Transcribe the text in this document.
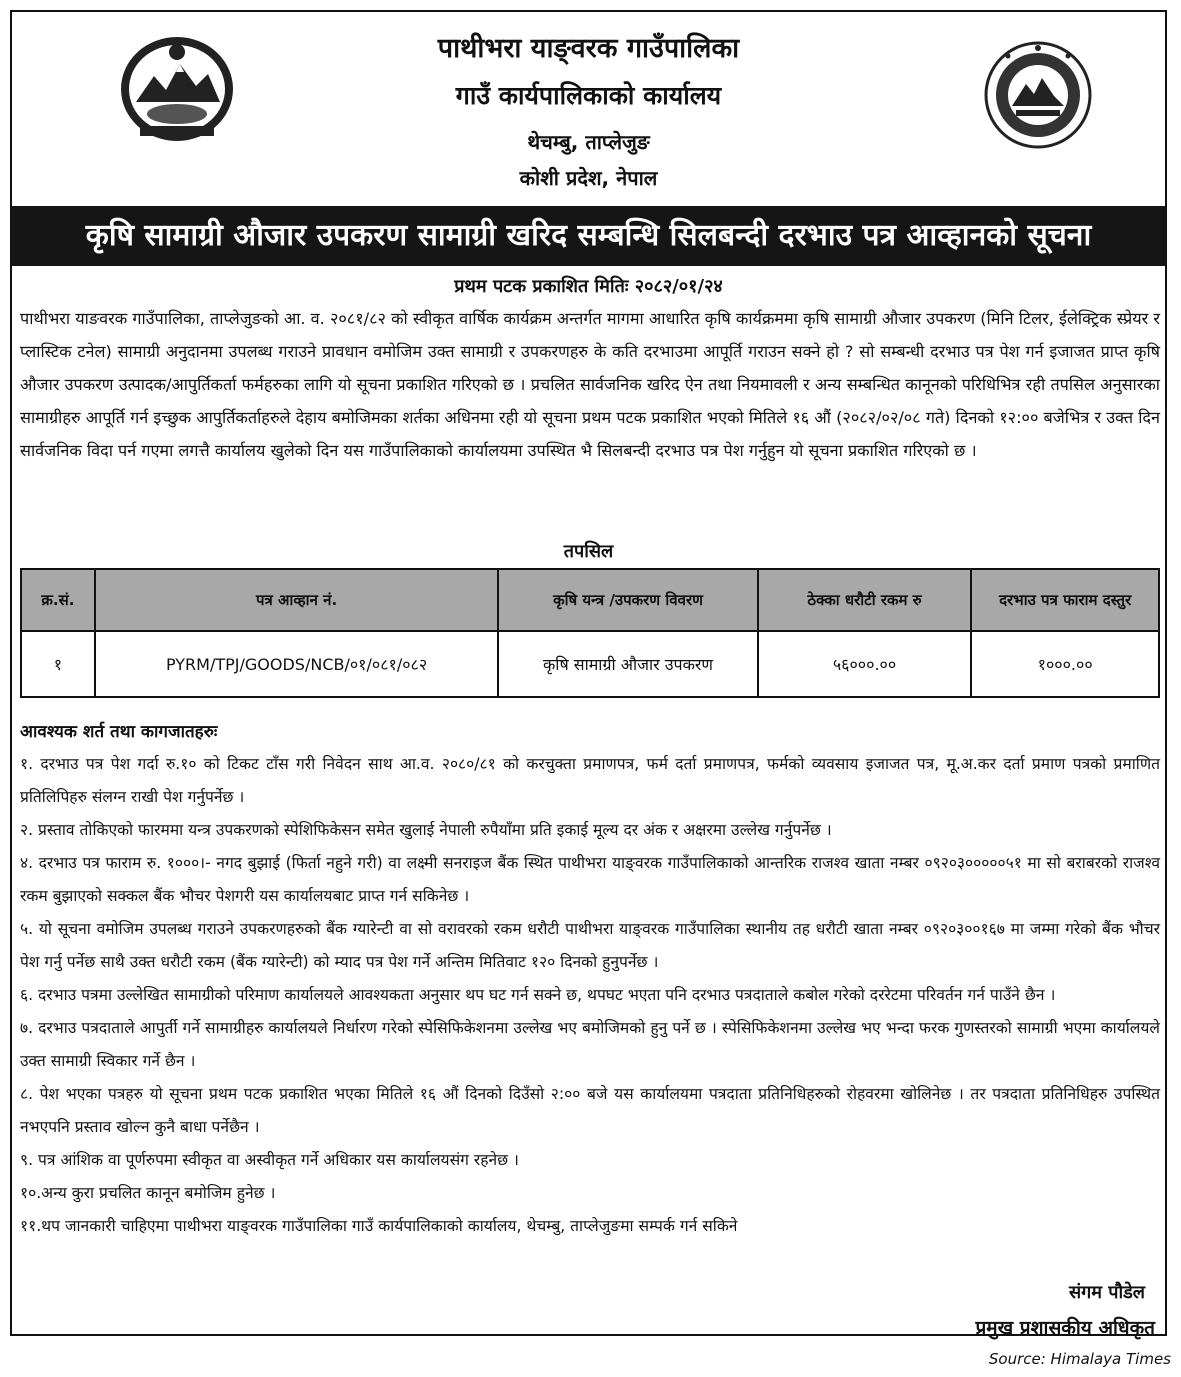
पाथीभरा याङ्वरक गाउँपालिका
गाउँ कार्यपालिकाको कार्यालय
थेचम्बु, ताप्लेजुङ
कोशी प्रदेश, नेपाल
कृषि सामाग्री औजार उपकरण सामाग्री खरिद सम्बन्धि सिलबन्दी दरभाउ पत्र आव्हानको सूचना
प्रथम पटक प्रकाशित मितिः २०८२/०१/२४

पाथीभरा याङवरक गाउँपालिका, ताप्लेजुङको आ. व. २०८१/८२ को स्वीकृत वार्षिक कार्यक्रम अन्तर्गत मागमा आधारित कृषि कार्यक्रममा कृषि सामाग्री औजार उपकरण (मिनि टिलर, ईलेक्ट्रिक स्प्रेयर र प्लास्टिक टनेल) सामाग्री अनुदानमा उपलब्ध गराउने प्रावधान वमोजिम उक्त सामाग्री र उपकरणहरु के कति दरभाउमा आपूर्ति गराउन सक्ने हो ? सो सम्बन्धी दरभाउ पत्र पेश गर्न इजाजत प्राप्त कृषि औजार उपकरण उत्पादक/आपुर्तिकर्ता फर्महरुका लागि यो सूचना प्रकाशित गरिएको छ । प्रचलित सार्वजनिक खरिद ऐन तथा नियमावली र अन्य सम्बन्धित कानूनको परिधिभित्र रही तपसिल अनुसारका सामाग्रीहरु आपूर्ति गर्न इच्छुक आपुर्तिकर्ताहरुले देहाय बमोजिमका शर्तका अधिनमा रही यो सूचना प्रथम पटक प्रकाशित भएको मितिले १६ औं (२०८२/०२/०८ गते) दिनको १२:०० बजेभित्र र उक्त दिन सार्वजनिक विदा पर्न गएमा लगत्तै कार्यालय खुलेको दिन यस गाउँपालिकाको कार्यालयमा उपस्थित भै सिलबन्दी दरभाउ पत्र पेश गर्नुहुन यो सूचना प्रकाशित गरिएको छ ।

तपसिल
क्र.सं.	पत्र आव्हान नं.	कृषि यन्त्र /उपकरण विवरण	ठेक्का धरौटी रकम रु	दरभाउ पत्र फाराम दस्तुर
१	PYRM/TPJ/GOODS/NCB/०१/०८१/०८२	कृषि सामाग्री औजार उपकरण	५६०००.००	१०००.००
आवश्यक शर्त तथा कागजातहरुः
१. दरभाउ पत्र पेश गर्दा रु.१० को टिकट टाँस गरी निवेदन साथ आ.व. २०८०/८१ को करचुक्ता प्रमाणपत्र, फर्म दर्ता प्रमाणपत्र, फर्मको व्यवसाय इजाजत पत्र, मू.अ.कर दर्ता प्रमाण पत्रको प्रमाणित प्रतिलिपिहरु संलग्न राखी पेश गर्नुपर्नेछ ।
२. प्रस्ताव तोकिएको फारममा यन्त्र उपकरणको स्पेशिफिकेसन समेत खुलाई नेपाली रुपैयाँमा प्रति इकाई मूल्य दर अंक र अक्षरमा उल्लेख गर्नुपर्नेछ ।
४. दरभाउ पत्र फाराम रु. १०००।- नगद बुझाई (फिर्ता नहुने गरी) वा लक्ष्मी सनराइज बैंक स्थित पाथीभरा याङ्वरक गाउँपालिकाको आन्तरिक राजश्व खाता नम्बर ०९२०३०००००५१ मा सो बराबरको राजश्व रकम बुझाएको सक्कल बैंक भौचर पेशगरी यस कार्यालयबाट प्राप्त गर्न सकिनेछ ।
५. यो सूचना वमोजिम उपलब्ध गराउने उपकरणहरुको बैंक ग्यारेन्टी वा सो वरावरको रकम धरौटी पाथीभरा याङ्वरक गाउँपालिका स्थानीय तह धरौटी खाता नम्बर ०९२०३००१६७ मा जम्मा गरेको बैंक भौचर पेश गर्नु पर्नेछ साथै उक्त धरौटी रकम (बैंक ग्यारेन्टी) को म्याद पत्र पेश गर्ने अन्तिम मितिवाट १२० दिनको हुनुपर्नेछ ।
६. दरभाउ पत्रमा उल्लेखित सामाग्रीको परिमाण कार्यालयले आवश्यकता अनुसार थप घट गर्न सक्ने छ, थपघट भएता पनि दरभाउ पत्रदाताले कबोल गरेको दररेटमा परिवर्तन गर्न पाउँने छैन ।
७. दरभाउ पत्रदाताले आपुर्ती गर्ने सामाग्रीहरु कार्यालयले निर्धारण गरेको स्पेसिफिकेशनमा उल्लेख भए बमोजिमको हुनु पर्ने छ । स्पेसिफिकेशनमा उल्लेख भए भन्दा फरक गुणस्तरको सामाग्री भएमा कार्यालयले उक्त सामाग्री स्विकार गर्ने छैन ।
८. पेश भएका पत्रहरु यो सूचना प्रथम पटक प्रकाशित भएका मितिले १६ औं दिनको दिउँसो २:०० बजे यस कार्यालयमा पत्रदाता प्रतिनिधिहरुको रोहवरमा खोलिनेछ । तर पत्रदाता प्रतिनिधिहरु उपस्थित नभएपनि प्रस्ताव खोल्न कुनै बाधा पर्नेछैन ।
९. पत्र आंशिक वा पूर्णरुपमा स्वीकृत वा अस्वीकृत गर्ने अधिकार यस कार्यालयसंग रहनेछ ।
१०.अन्य कुरा प्रचलित कानून बमोजिम हुनेछ ।
११.थप जानकारी चाहिएमा पाथीभरा याङ्वरक गाउँपालिका गाउँ कार्यपालिकाको कार्यालय, थेचम्बु, ताप्लेजुङमा सम्पर्क गर्न सकिने
संगम पौडेल
प्रमुख प्रशासकीय अधिकृत
Source: Himalaya Times
